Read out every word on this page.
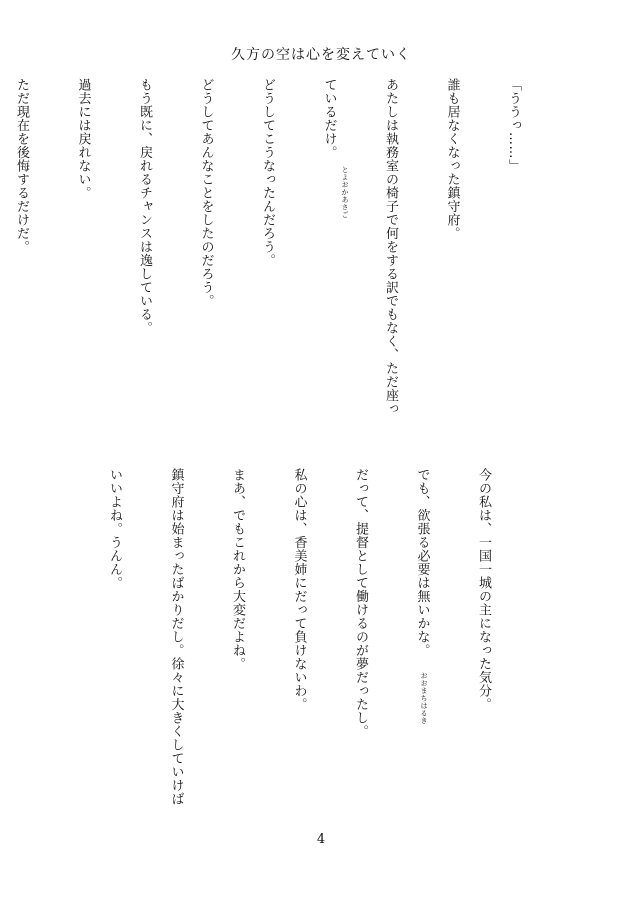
久方の空は心を変えていく

「ううっ……」

誰も居なくなった鎮守府。

あたしは執務室の椅子で何をする訳でもなく、ただ座っ

ているだけ。

どうしてこうなったんだろう。

どうしてあんなことをしたのだろう。

もう既に、戻れるチャンスは逸している。

過去には戻れない。

ただ現在を後悔するだけだ。

今の私は、一国一城の主になった気分。

でも、欲張る必要は無いかな。

だって、提督として働けるのが夢だったし。

私の心は、香美姉にだって負けないわ。

まあ、でもこれから大変だよね。

鎮守府は始まったばかりだし。徐々に大きくしていけば

いいよね。うんん。

とよおかあさご
おおまちはるき
4
